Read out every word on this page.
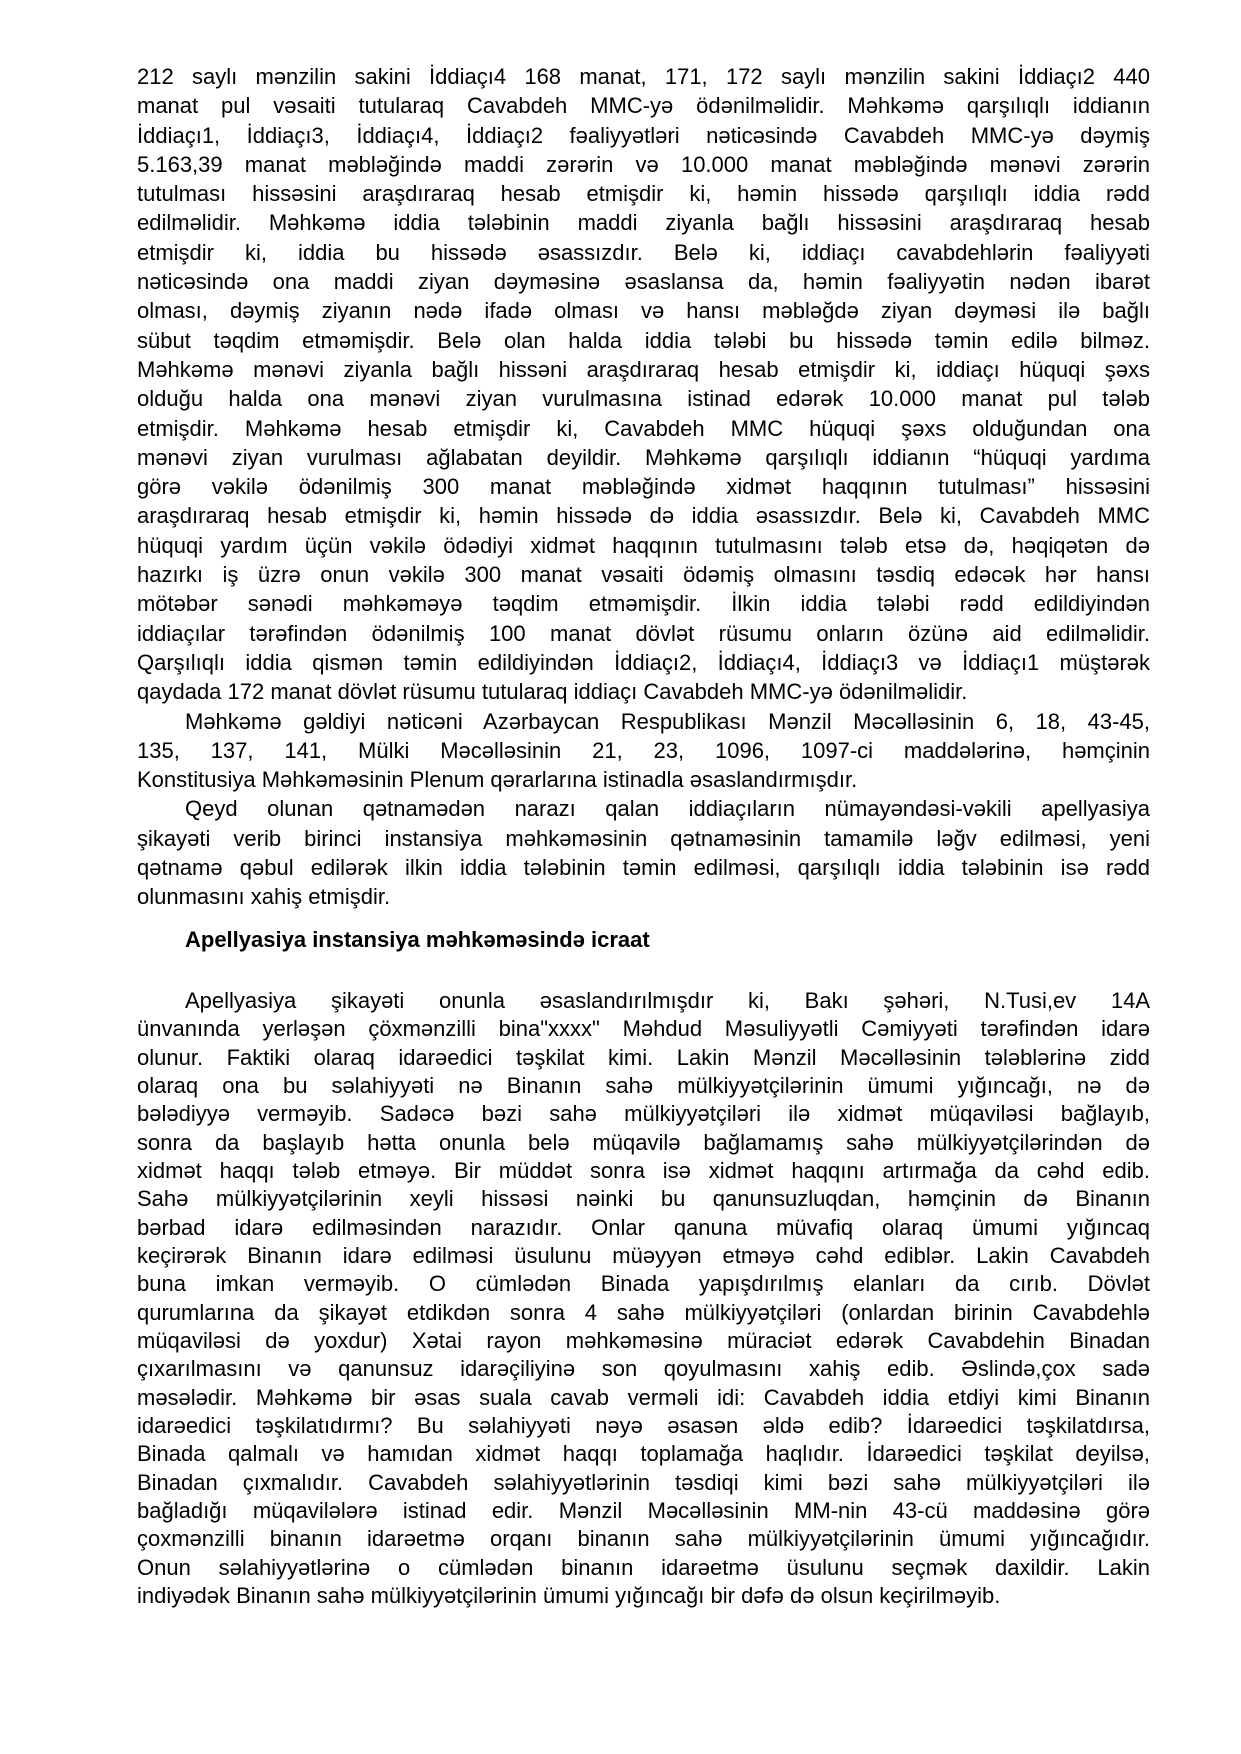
212 saylı mənzilin sakini İddiaçı4 168 manat, 171, 172 saylı mənzilin sakini İddiaçı2 440
manat pul vəsaiti tutularaq Cavabdeh MMC-yə ödənilməlidir. Məhkəmə qarşılıqlı iddianın
İddiaçı1, İddiaçı3, İddiaçı4, İddiaçı2 fəaliyyətləri nəticəsində Cavabdeh MMC-yə dəymiş
5.163,39 manat məbləğində maddi zərərin və 10.000 manat məbləğində mənəvi zərərin
tutulması hissəsini araşdıraraq hesab etmişdir ki, həmin hissədə qarşılıqlı iddia rədd
edilməlidir. Məhkəmə iddia tələbinin maddi ziyanla bağlı hissəsini araşdıraraq hesab
etmişdir ki, iddia bu hissədə əsassızdır. Belə ki, iddiaçı cavabdehlərin fəaliyyəti
nəticəsində ona maddi ziyan dəyməsinə əsaslansa da, həmin fəaliyyətin nədən ibarət
olması, dəymiş ziyanın nədə ifadə olması və hansı məbləğdə ziyan dəyməsi ilə bağlı
sübut təqdim etməmişdir. Belə olan halda iddia tələbi bu hissədə təmin edilə bilməz.
Məhkəmə mənəvi ziyanla bağlı hissəni araşdıraraq hesab etmişdir ki, iddiaçı hüquqi şəxs
olduğu halda ona mənəvi ziyan vurulmasına istinad edərək 10.000 manat pul tələb
etmişdir. Məhkəmə hesab etmişdir ki, Cavabdeh MMC hüquqi şəxs olduğundan ona
mənəvi ziyan vurulması ağlabatan deyildir. Məhkəmə qarşılıqlı iddianın “hüquqi yardıma
görə vəkilə ödənilmiş 300 manat məbləğində xidmət haqqının tutulması” hissəsini
araşdıraraq hesab etmişdir ki, həmin hissədə də iddia əsassızdır. Belə ki, Cavabdeh MMC
hüquqi yardım üçün vəkilə ödədiyi xidmət haqqının tutulmasını tələb etsə də, həqiqətən də
hazırkı iş üzrə onun vəkilə 300 manat vəsaiti ödəmiş olmasını təsdiq edəcək hər hansı
mötəbər sənədi məhkəməyə təqdim etməmişdir. İlkin iddia tələbi rədd edildiyindən
iddiaçılar tərəfindən ödənilmiş 100 manat dövlət rüsumu onların özünə aid edilməlidir.
Qarşılıqlı iddia qismən təmin edildiyindən İddiaçı2, İddiaçı4, İddiaçı3 və İddiaçı1 müştərək
qaydada 172 manat dövlət rüsumu tutularaq iddiaçı Cavabdeh MMC-yə ödənilməlidir.
Məhkəmə gəldiyi nəticəni Azərbaycan Respublikası Mənzil Məcəlləsinin 6, 18, 43-45,
135, 137, 141, Mülki Məcəlləsinin 21, 23, 1096, 1097-ci maddələrinə, həmçinin
Konstitusiya Məhkəməsinin Plenum qərarlarına istinadla əsaslandırmışdır.
Qeyd olunan qətnamədən narazı qalan iddiaçıların nümayəndəsi-vəkili apellyasiya
şikayəti verib birinci instansiya məhkəməsinin qətnaməsinin tamamilə ləğv edilməsi, yeni
qətnamə qəbul edilərək ilkin iddia tələbinin təmin edilməsi, qarşılıqlı iddia tələbinin isə rədd
olunmasını xahiş etmişdir.
Apellyasiya instansiya məhkəməsində icraat
Apellyasiya şikayəti onunla əsaslandırılmışdır ki, Bakı şəhəri, N.Tusi,ev 14A
ünvanında yerləşən çöxmənzilli bina"xxxx" Məhdud Məsuliyyətli Cəmiyyəti tərəfindən idarə
olunur. Faktiki olaraq idarəedici təşkilat kimi. Lakin Mənzil Məcəlləsinin tələblərinə zidd
olaraq ona bu səlahiyyəti nə Binanın sahə mülkiyyətçilərinin ümumi yığıncağı, nə də
bələdiyyə verməyib. Sadəcə bəzi sahə mülkiyyətçiləri ilə xidmət müqaviləsi bağlayıb,
sonra da başlayıb hətta onunla belə müqavilə bağlamamış sahə mülkiyyətçilərindən də
xidmət haqqı tələb etməyə. Bir müddət sonra isə xidmət haqqını artırmağa da cəhd edib.
Sahə mülkiyyətçilərinin xeyli hissəsi nəinki bu qanunsuzluqdan, həmçinin də Binanın
bərbad idarə edilməsindən narazıdır. Onlar qanuna müvafiq olaraq ümumi yığıncaq
keçirərək Binanın idarə edilməsi üsulunu müəyyən etməyə cəhd ediblər. Lakin Cavabdeh
buna imkan verməyib. O cümlədən Binada yapışdırılmış elanları da cırıb. Dövlət
qurumlarına da şikayət etdikdən sonra 4 sahə mülkiyyətçiləri (onlardan birinin Cavabdehlə
müqaviləsi də yoxdur) Xətai rayon məhkəməsinə müraciət edərək Cavabdehin Binadan
çıxarılmasını və qanunsuz idarəçiliyinə son qoyulmasını xahiş edib. Əslində,çox sadə
məsələdir. Məhkəmə bir əsas suala cavab verməli idi: Cavabdeh iddia etdiyi kimi Binanın
idarəedici təşkilatıdırmı? Bu səlahiyyəti nəyə əsasən əldə edib? İdarəedici təşkilatdırsa,
Binada qalmalı və hamıdan xidmət haqqı toplamağa haqlıdır. İdarəedici təşkilat deyilsə,
Binadan çıxmalıdır. Cavabdeh səlahiyyətlərinin təsdiqi kimi bəzi sahə mülkiyyətçiləri ilə
bağladığı müqavilələrə istinad edir. Mənzil Məcəlləsinin MM-nin 43-cü maddəsinə görə
çoxmənzilli binanın idarəetmə orqanı binanın sahə mülkiyyətçilərinin ümumi yığıncağıdır.
Onun səlahiyyətlərinə o cümlədən binanın idarəetmə üsulunu seçmək daxildir. Lakin
indiyədək Binanın sahə mülkiyyətçilərinin ümumi yığıncağı bir dəfə də olsun keçirilməyib.
